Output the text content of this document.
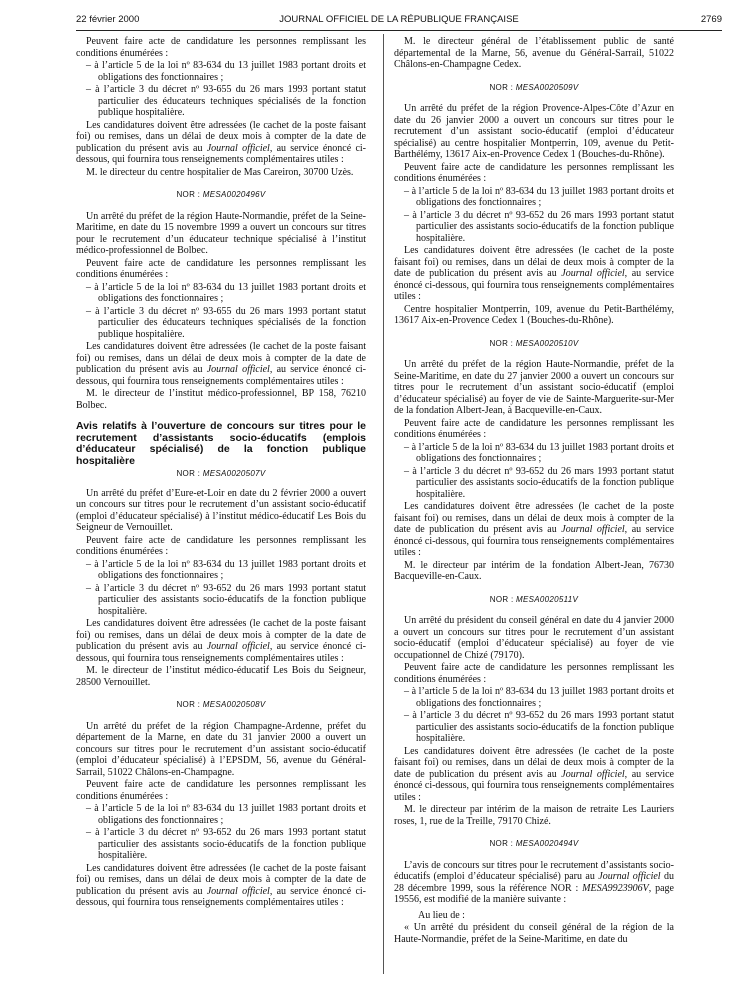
22 février 2000	JOURNAL OFFICIEL DE LA RÉPUBLIQUE FRANÇAISE	2769

Peuvent faire acte de candidature les personnes remplissant les conditions énumérées :

– à l’article 5 de la loi nº 83-634 du 13 juillet 1983 portant droits et obligations des fonctionnaires ;
– à l’article 3 du décret nº 93-655 du 26 mars 1993 portant statut particulier des éducateurs techniques spécialisés de la fonction publique hospitalière.

Les candidatures doivent être adressées (le cachet de la poste faisant foi) ou remises, dans un délai de deux mois à compter de la date de publication du présent avis au Journal officiel, au service énoncé ci-dessous, qui fournira tous renseignements complémentaires utiles :

M. le directeur du centre hospitalier de Mas Careiron, 30700 Uzès.

NOR : MESA0020496V

Un arrêté du préfet de la région Haute-Normandie, préfet de la Seine-Maritime, en date du 15 novembre 1999 a ouvert un concours sur titres pour le recrutement d’un éducateur technique spécialisé à l’institut médico-professionnel de Bolbec.

Peuvent faire acte de candidature les personnes remplissant les conditions énumérées :

– à l’article 5 de la loi nº 83-634 du 13 juillet 1983 portant droits et obligations des fonctionnaires ;
– à l’article 3 du décret nº 93-655 du 26 mars 1993 portant statut particulier des éducateurs techniques spécialisés de la fonction publique hospitalière.

Les candidatures doivent être adressées (le cachet de la poste faisant foi) ou remises, dans un délai de deux mois à compter de la date de publication du présent avis au Journal officiel, au service énoncé ci-dessous, qui fournira tous renseignements complémentaires utiles :

M. le directeur de l’institut médico-professionnel, BP 158, 76210 Bolbec.

Avis relatifs à l’ouverture de concours sur titres pour le recrutement d’assistants socio-éducatifs (emplois d’éducateur spécialisé) de la fonction publique hospitalière
NOR : MESA0020507V

Un arrêté du préfet d’Eure-et-Loir en date du 2 février 2000 a ouvert un concours sur titres pour le recrutement d’un assistant socio-éducatif (emploi d’éducateur spécialisé) à l’institut médico-éducatif Les Bois du Seigneur de Vernouillet.

Peuvent faire acte de candidature les personnes remplissant les conditions énumérées :

– à l’article 5 de la loi nº 83-634 du 13 juillet 1983 portant droits et obligations des fonctionnaires ;
– à l’article 3 du décret nº 93-652 du 26 mars 1993 portant statut particulier des assistants socio-éducatifs de la fonction publique hospitalière.

Les candidatures doivent être adressées (le cachet de la poste faisant foi) ou remises, dans un délai de deux mois à compter de la date de publication du présent avis au Journal officiel, au service énoncé ci-dessous, qui fournira tous renseignements complémentaires utiles :

M. le directeur de l’institut médico-éducatif Les Bois du Seigneur, 28500 Vernouillet.

NOR : MESA0020508V

Un arrêté du préfet de la région Champagne-Ardenne, préfet du département de la Marne, en date du 31 janvier 2000 a ouvert un concours sur titres pour le recrutement d’un assistant socio-éducatif (emploi d’éducateur spécialisé) à l’EPSDM, 56, avenue du Général-Sarrail, 51022 Châlons-en-Champagne.

Peuvent faire acte de candidature les personnes remplissant les conditions énumérées :

– à l’article 5 de la loi nº 83-634 du 13 juillet 1983 portant droits et obligations des fonctionnaires ;
– à l’article 3 du décret nº 93-652 du 26 mars 1993 portant statut particulier des assistants socio-éducatifs de la fonction publique hospitalière.

Les candidatures doivent être adressées (le cachet de la poste faisant foi) ou remises, dans un délai de deux mois à compter de la date de publication du présent avis au Journal officiel, au service énoncé ci-dessous, qui fournira tous renseignements complémentaires utiles :

M. le directeur général de l’établissement public de santé départemental de la Marne, 56, avenue du Général-Sarrail, 51022 Châlons-en-Champagne Cedex.

NOR : MESA0020509V

Un arrêté du préfet de la région Provence-Alpes-Côte d’Azur en date du 26 janvier 2000 a ouvert un concours sur titres pour le recrutement d’un assistant socio-éducatif (emploi d’éducateur spécialisé) au centre hospitalier Montperrin, 109, avenue du Petit-Barthélémy, 13617 Aix-en-Provence Cedex 1 (Bouches-du-Rhône).

Peuvent faire acte de candidature les personnes remplissant les conditions énumérées :

– à l’article 5 de la loi nº 83-634 du 13 juillet 1983 portant droits et obligations des fonctionnaires ;
– à l’article 3 du décret nº 93-652 du 26 mars 1993 portant statut particulier des assistants socio-éducatifs de la fonction publique hospitalière.

Les candidatures doivent être adressées (le cachet de la poste faisant foi) ou remises, dans un délai de deux mois à compter de la date de publication du présent avis au Journal officiel, au service énoncé ci-dessous, qui fournira tous renseignements complémentaires utiles :

Centre hospitalier Montperrin, 109, avenue du Petit-Barthélémy, 13617 Aix-en-Provence Cedex 1 (Bouches-du-Rhône).

NOR : MESA0020510V

Un arrêté du préfet de la région Haute-Normandie, préfet de la Seine-Maritime, en date du 27 janvier 2000 a ouvert un concours sur titres pour le recrutement d’un assistant socio-éducatif (emploi d’éducateur spécialisé) au foyer de vie de Sainte-Marguerite-sur-Mer de la fondation Albert-Jean, à Bacqueville-en-Caux.

Peuvent faire acte de candidature les personnes remplissant les conditions énumérées :

– à l’article 5 de la loi nº 83-634 du 13 juillet 1983 portant droits et obligations des fonctionnaires ;
– à l’article 3 du décret nº 93-652 du 26 mars 1993 portant statut particulier des assistants socio-éducatifs de la fonction publique hospitalière.

Les candidatures doivent être adressées (le cachet de la poste faisant foi) ou remises, dans un délai de deux mois à compter de la date de publication du présent avis au Journal officiel, au service énoncé ci-dessous, qui fournira tous renseignements complémentaires utiles :

M. le directeur par intérim de la fondation Albert-Jean, 76730 Bacqueville-en-Caux.

NOR : MESA0020511V

Un arrêté du président du conseil général en date du 4 janvier 2000 a ouvert un concours sur titres pour le recrutement d’un assistant socio-éducatif (emploi d’éducateur spécialisé) au foyer de vie occupationnel de Chizé (79170).

Peuvent faire acte de candidature les personnes remplissant les conditions énumérées :

– à l’article 5 de la loi nº 83-634 du 13 juillet 1983 portant droits et obligations des fonctionnaires ;
– à l’article 3 du décret nº 93-652 du 26 mars 1993 portant statut particulier des assistants socio-éducatifs de la fonction publique hospitalière.

Les candidatures doivent être adressées (le cachet de la poste faisant foi) ou remises, dans un délai de deux mois à compter de la date de publication du présent avis au Journal officiel, au service énoncé ci-dessous, qui fournira tous renseignements complémentaires utiles :

M. le directeur par intérim de la maison de retraite Les Lauriers roses, 1, rue de la Treille, 79170 Chizé.

NOR : MESA0020494V

L’avis de concours sur titres pour le recrutement d’assistants socio-éducatifs (emploi d’éducateur spécialisé) paru au Journal officiel du 28 décembre 1999, sous la référence NOR : MESA9923906V, page 19556, est modifié de la manière suivante :

Au lieu de :

« Un arrêté du président du conseil général de la région de la Haute-Normandie, préfet de la Seine-Maritime, en date du
